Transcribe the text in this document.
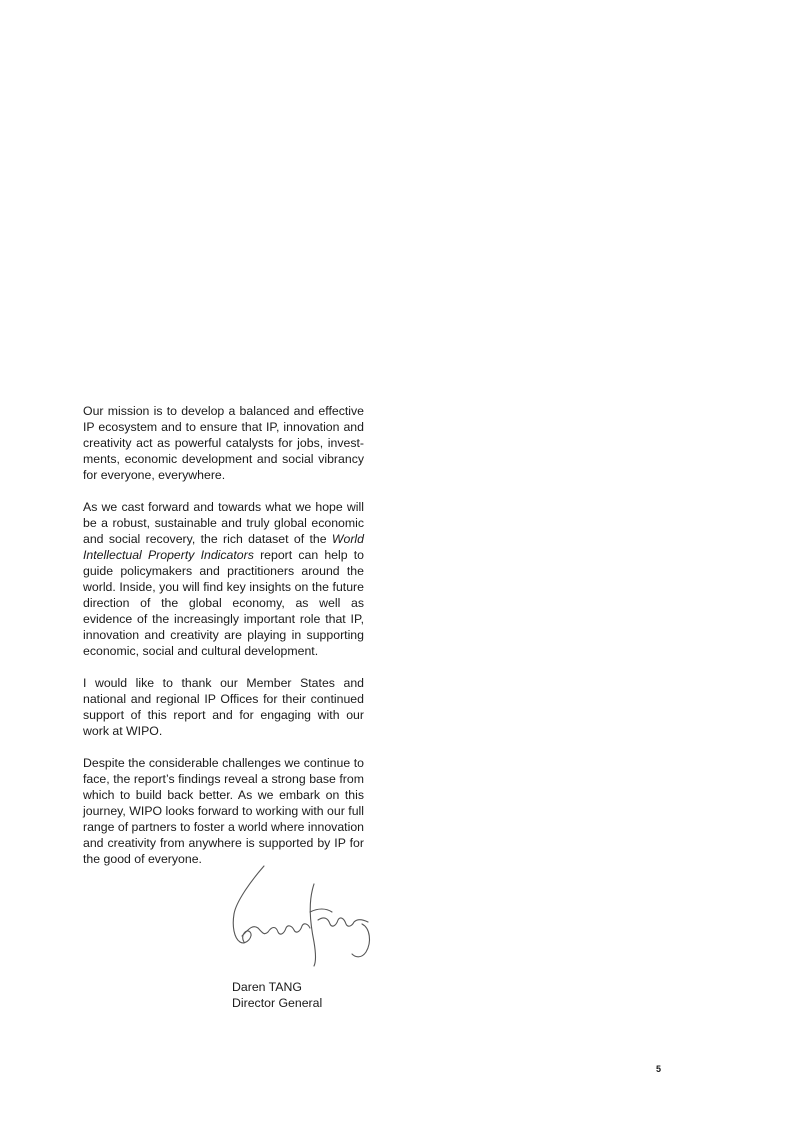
Our mission is to develop a balanced and effective IP ecosystem and to ensure that IP, innovation and creativity act as powerful catalysts for jobs, investments, economic development and social vibrancy for everyone, everywhere.

As we cast forward and towards what we hope will be a robust, sustainable and truly global economic and social recovery, the rich dataset of the World Intellectual Property Indicators report can help to guide policymakers and practitioners around the world. Inside, you will find key insights on the future direction of the global economy, as well as evidence of the increasingly important role that IP, innovation and creativity are playing in supporting economic, social and cultural development.

I would like to thank our Member States and national and regional IP Offices for their continued support of this report and for engaging with our work at WIPO.

Despite the considerable challenges we continue to face, the report’s findings reveal a strong base from which to build back better. As we embark on this journey, WIPO looks forward to working with our full range of partners to foster a world where innovation and creativity from anywhere is supported by IP for the good of everyone.

Daren TANG
Director General
5
